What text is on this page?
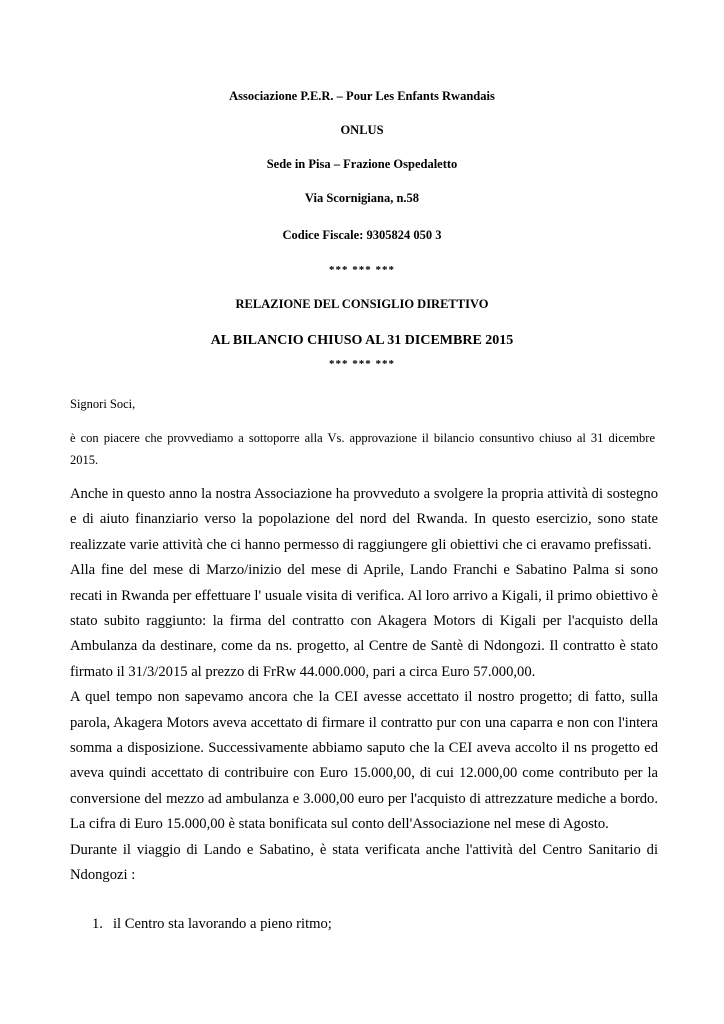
Associazione P.E.R. – Pour Les Enfants Rwandais
ONLUS
Sede in Pisa – Frazione Ospedaletto
Via Scornigiana, n.58
Codice Fiscale: 9305824 050 3
*** *** ***
RELAZIONE DEL CONSIGLIO DIRETTIVO
AL BILANCIO CHIUSO AL 31 DICEMBRE 2015
*** *** ***
Signori Soci,
è con piacere che provvediamo a sottoporre alla Vs. approvazione il bilancio consuntivo chiuso al 31 dicembre 2015.

Anche in questo anno la nostra Associazione ha provveduto a svolgere la propria attività di sostegno e di aiuto finanziario verso la popolazione del nord del Rwanda. In questo esercizio, sono state realizzate varie attività che ci hanno permesso di raggiungere gli obiettivi che ci eravamo prefissati.

Alla fine del mese di Marzo/inizio del mese di Aprile, Lando Franchi e Sabatino Palma si sono recati in Rwanda per effettuare l' usuale visita di verifica. Al loro arrivo a Kigali, il primo obiettivo è stato subito raggiunto: la firma del contratto con Akagera Motors di Kigali per l'acquisto della Ambulanza da destinare, come da ns. progetto, al Centre de Santè di Ndongozi. Il contratto è stato firmato il 31/3/2015 al prezzo di FrRw 44.000.000, pari a circa Euro 57.000,00.

A quel tempo non sapevamo ancora che la CEI avesse accettato il nostro progetto; di fatto, sulla parola, Akagera Motors aveva accettato di firmare il contratto pur con una caparra e non con l'intera somma a disposizione. Successivamente abbiamo saputo che la CEI aveva accolto il ns progetto ed aveva quindi accettato di contribuire con Euro 15.000,00, di cui 12.000,00 come contributo per la conversione del mezzo ad ambulanza e 3.000,00 euro per l'acquisto di attrezzature mediche a bordo. La cifra di Euro 15.000,00 è stata bonificata sul conto dell'Associazione nel mese di Agosto.

Durante il viaggio di Lando e Sabatino, è stata verificata anche l'attività del Centro Sanitario di Ndongozi :

1. il Centro sta lavorando a pieno ritmo;
